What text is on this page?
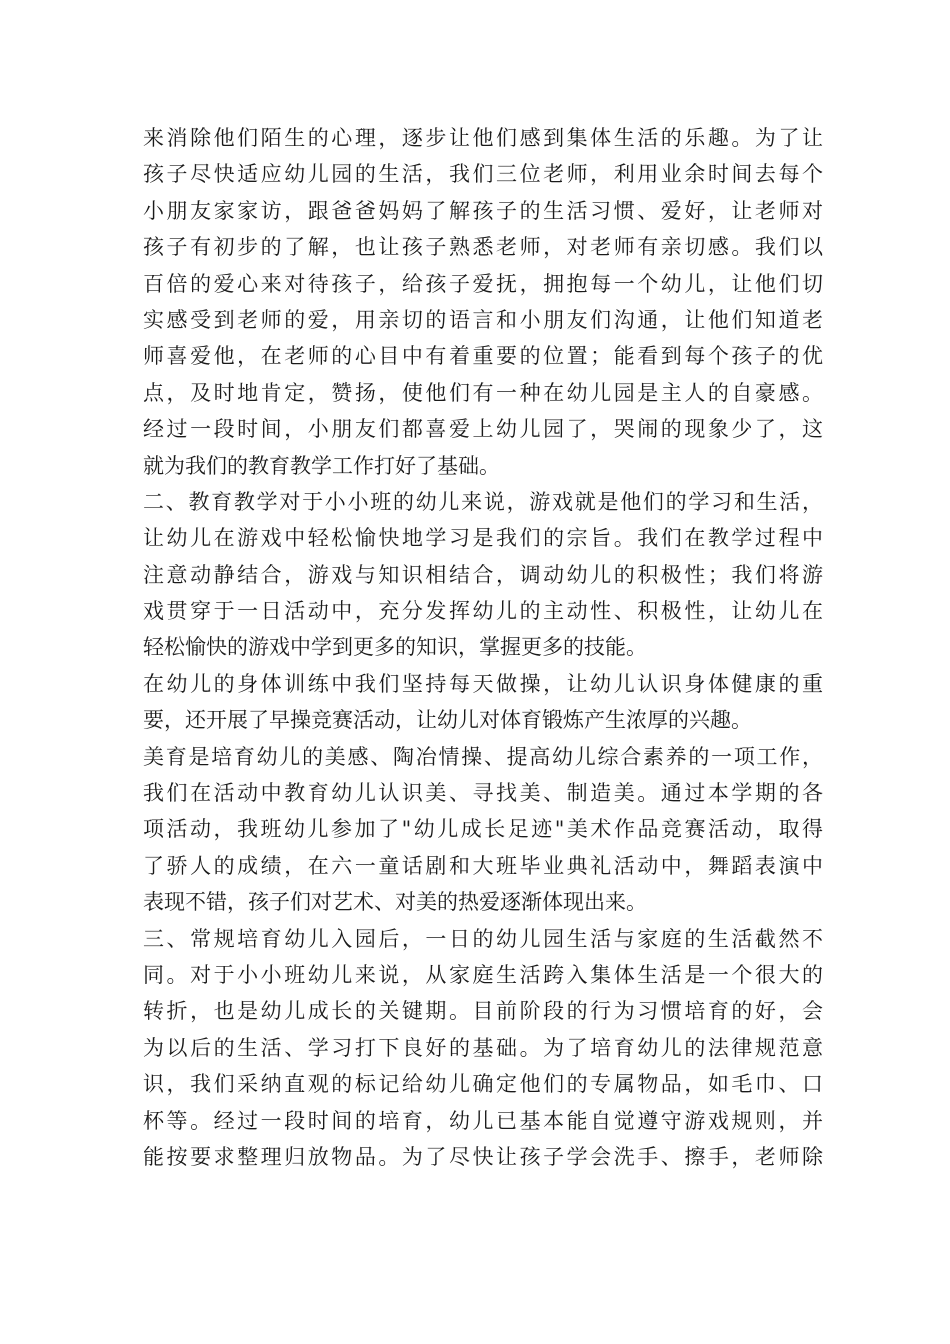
来消除他们陌生的心理，逐步让他们感到集体生活的乐趣。为了让
孩子尽快适应幼儿园的生活，我们三位老师，利用业余时间去每个
小朋友家家访，跟爸爸妈妈了解孩子的生活习惯、爱好，让老师对
孩子有初步的了解，也让孩子熟悉老师，对老师有亲切感。我们以
百倍的爱心来对待孩子，给孩子爱抚，拥抱每一个幼儿，让他们切
实感受到老师的爱，用亲切的语言和小朋友们沟通，让他们知道老
师喜爱他，在老师的心目中有着重要的位置；能看到每个孩子的优
点，及时地肯定，赞扬，使他们有一种在幼儿园是主人的自豪感。
经过一段时间，小朋友们都喜爱上幼儿园了，哭闹的现象少了，这
就为我们的教育教学工作打好了基础。
二、教育教学对于小小班的幼儿来说，游戏就是他们的学习和生活，
让幼儿在游戏中轻松愉快地学习是我们的宗旨。我们在教学过程中
注意动静结合，游戏与知识相结合，调动幼儿的积极性；我们将游
戏贯穿于一日活动中，充分发挥幼儿的主动性、积极性，让幼儿在
轻松愉快的游戏中学到更多的知识，掌握更多的技能。
在幼儿的身体训练中我们坚持每天做操，让幼儿认识身体健康的重
要，还开展了早操竞赛活动，让幼儿对体育锻炼产生浓厚的兴趣。
美育是培育幼儿的美感、陶冶情操、提高幼儿综合素养的一项工作，
我们在活动中教育幼儿认识美、寻找美、制造美。通过本学期的各
项活动，我班幼儿参加了"幼儿成长足迹"美术作品竞赛活动，取得
了骄人的成绩，在六一童话剧和大班毕业典礼活动中，舞蹈表演中
表现不错，孩子们对艺术、对美的热爱逐渐体现出来。
三、常规培育幼儿入园后，一日的幼儿园生活与家庭的生活截然不
同。对于小小班幼儿来说，从家庭生活跨入集体生活是一个很大的
转折，也是幼儿成长的关键期。目前阶段的行为习惯培育的好，会
为以后的生活、学习打下良好的基础。为了培育幼儿的法律规范意
识，我们采纳直观的标记给幼儿确定他们的专属物品，如毛巾、口
杯等。经过一段时间的培育，幼儿已基本能自觉遵守游戏规则，并
能按要求整理归放物品。为了尽快让孩子学会洗手、擦手，老师除
